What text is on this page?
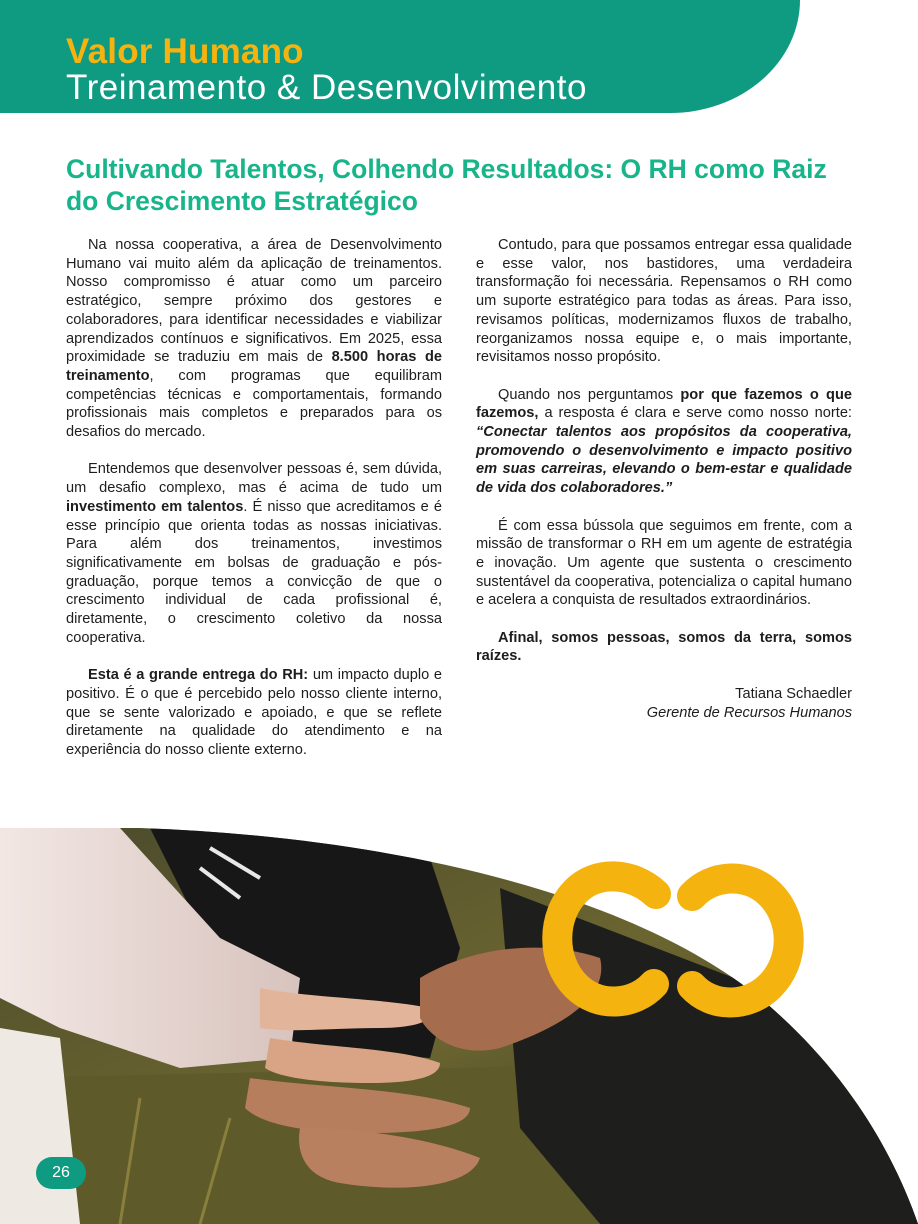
Valor Humano
Treinamento & Desenvolvimento
Cultivando Talentos, Colhendo Resultados: O RH como Raiz do Crescimento Estratégico

Na nossa cooperativa, a área de Desenvolvimento Humano vai muito além da aplicação de treinamentos. Nosso compromisso é atuar como um parceiro estratégico, sempre próximo dos gestores e colaboradores, para identificar necessidades e viabilizar aprendizados contínuos e significativos. Em 2025, essa proximidade se traduziu em mais de 8.500 horas de treinamento, com programas que equilibram competências técnicas e comportamentais, formando profissionais mais completos e preparados para os desafios do mercado.

Entendemos que desenvolver pessoas é, sem dúvida, um desafio complexo, mas é acima de tudo um investimento em talentos. É nisso que acreditamos e é esse princípio que orienta todas as nossas iniciativas. Para além dos treinamentos, investimos significativamente em bolsas de graduação e pós-graduação, porque temos a convicção de que o crescimento individual de cada profissional é, diretamente, o crescimento coletivo da nossa cooperativa.

Esta é a grande entrega do RH: um impacto duplo e positivo. É o que é percebido pelo nosso cliente interno, que se sente valorizado e apoiado, e que se reflete diretamente na qualidade do atendimento e na experiência do nosso cliente externo.

Contudo, para que possamos entregar essa qualidade e esse valor, nos bastidores, uma verdadeira transformação foi necessária. Repensamos o RH como um suporte estratégico para todas as áreas. Para isso, revisamos políticas, modernizamos fluxos de trabalho, reorganizamos nossa equipe e, o mais importante, revisitamos nosso propósito.

Quando nos perguntamos por que fazemos o que fazemos, a resposta é clara e serve como nosso norte: “Conectar talentos aos propósitos da cooperativa, promovendo o desenvolvimento e impacto positivo em suas carreiras, elevando o bem-estar e qualidade de vida dos colaboradores.”

É com essa bússola que seguimos em frente, com a missão de transformar o RH em um agente de estratégia e inovação. Um agente que sustenta o crescimento sustentável da cooperativa, potencializa o capital humano e acelera a conquista de resultados extraordinários.

Afinal, somos pessoas, somos da terra, somos raízes.

Tatiana Schaedler
Gerente de Recursos Humanos

26
